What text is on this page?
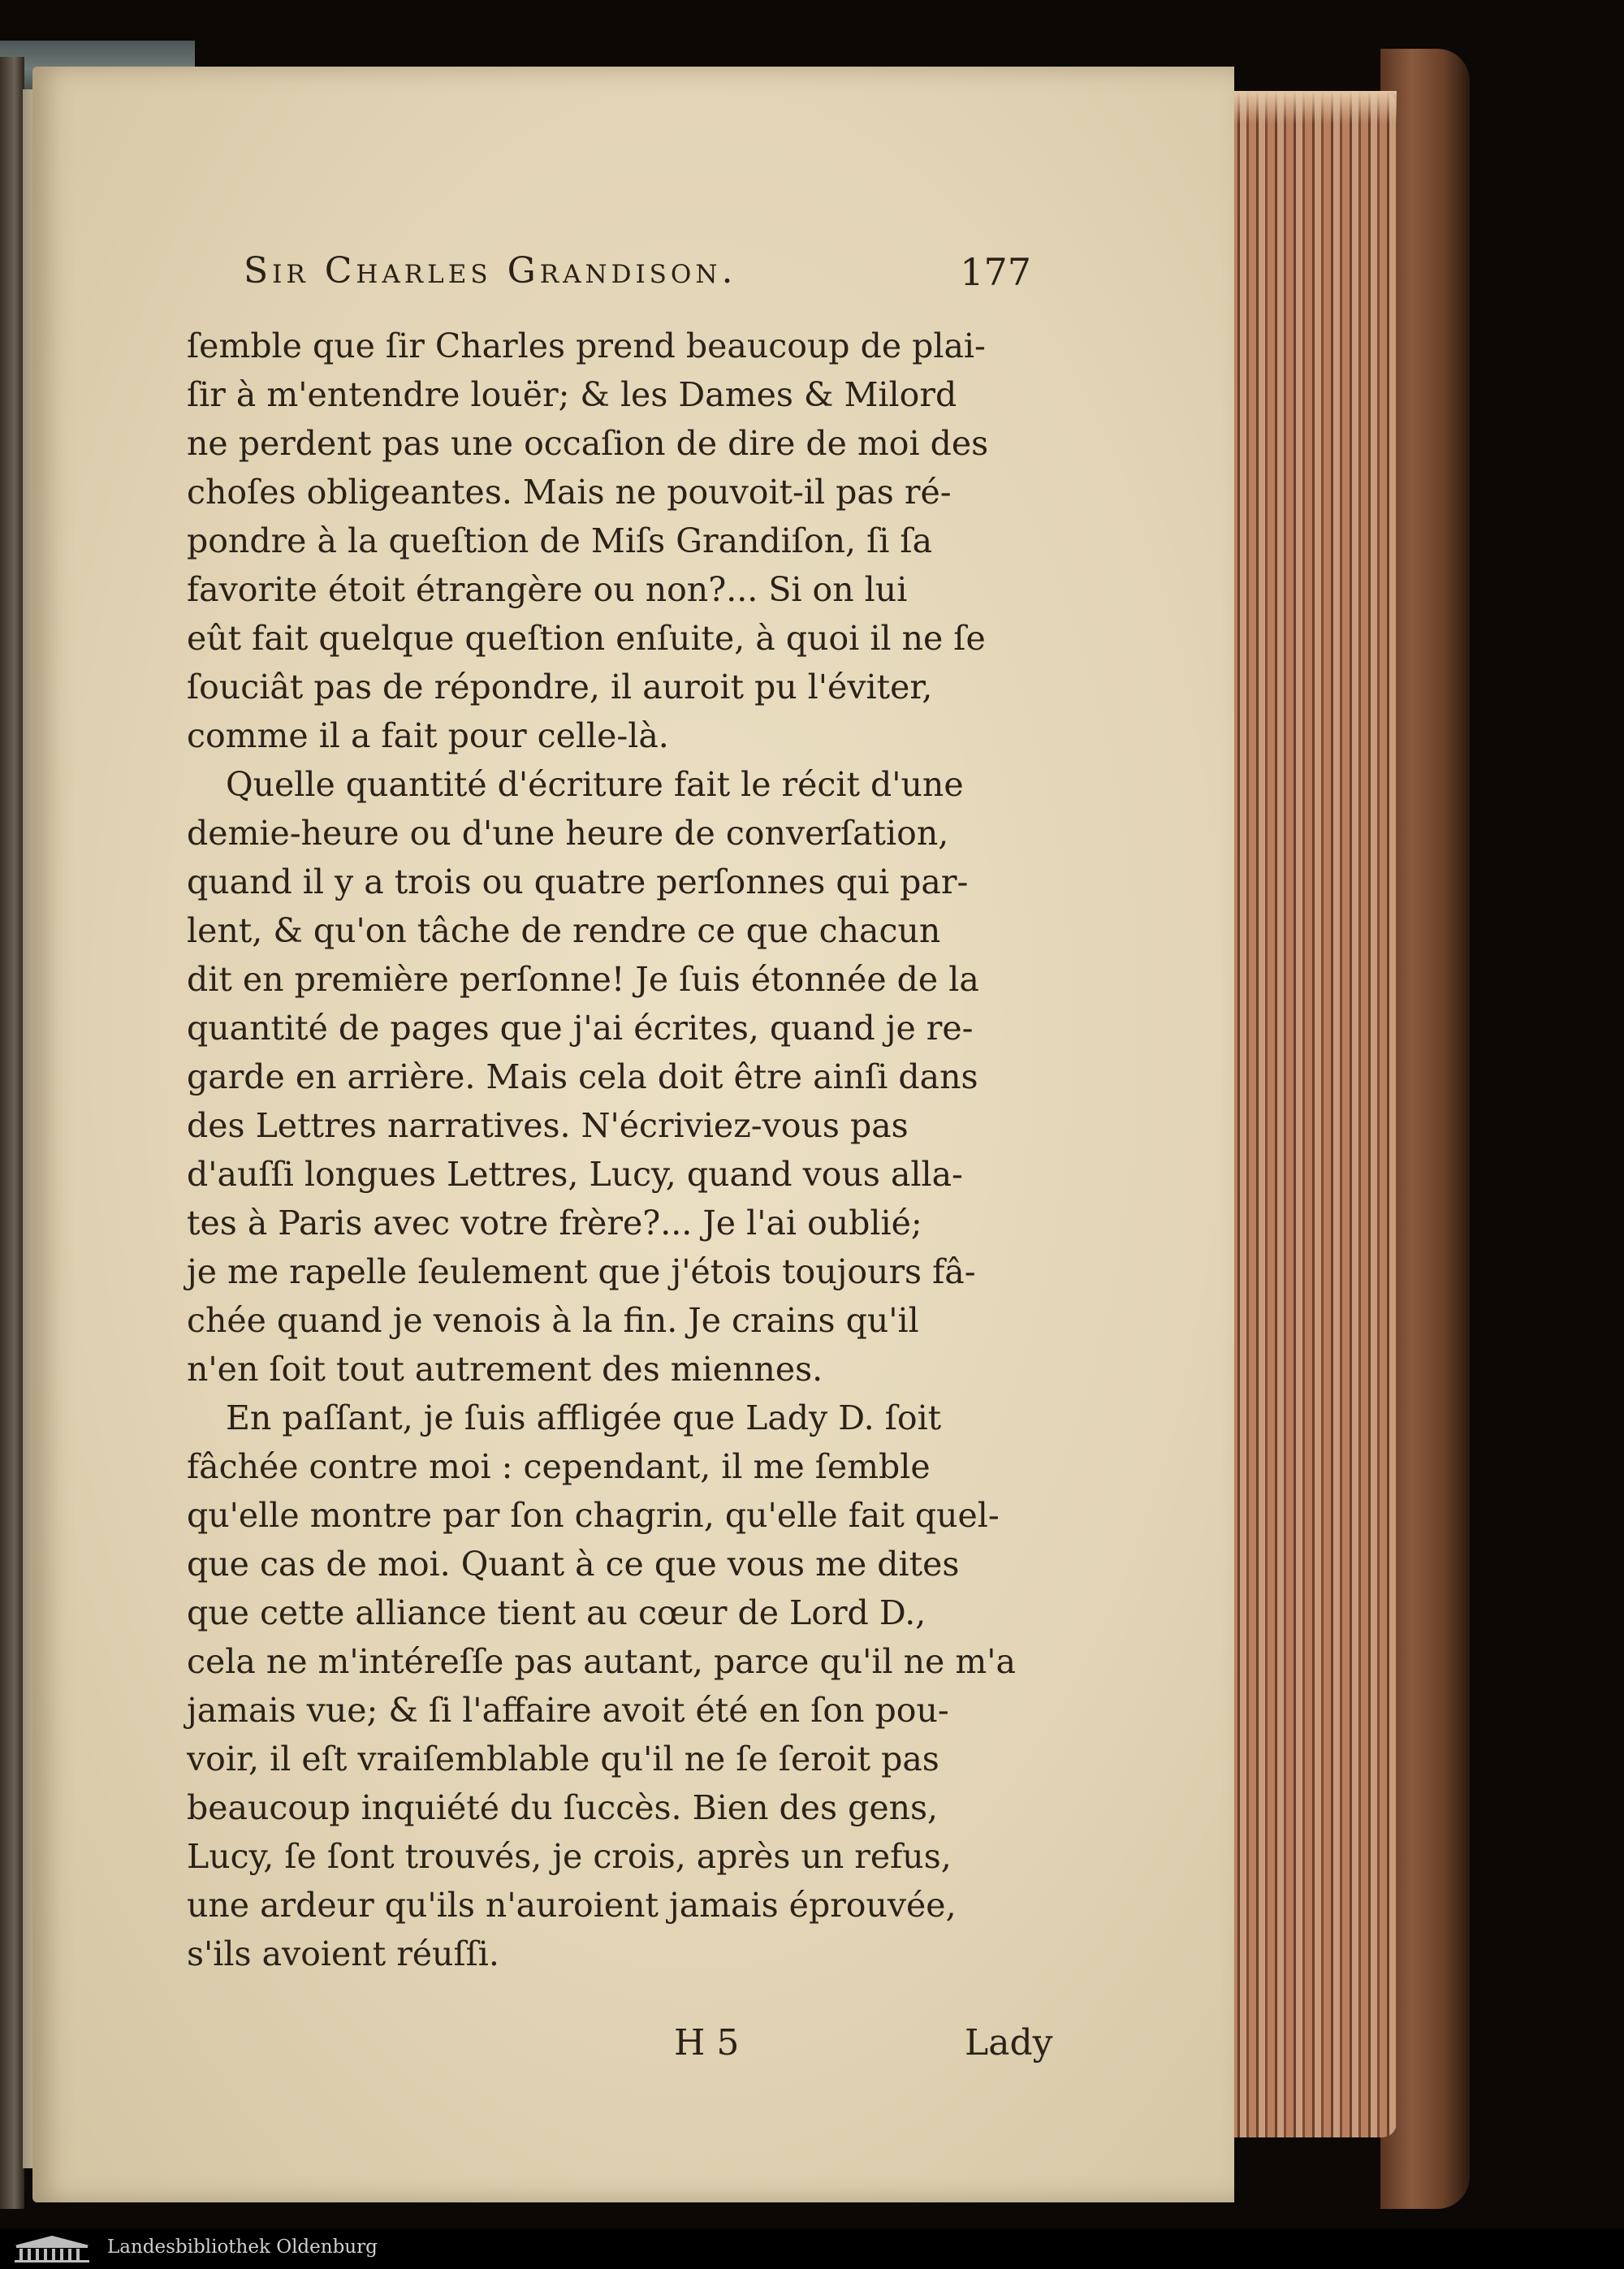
Sir Charles Grandison.	177
ſemble que ſir Charles prend beaucoup de plai-
ſir à m'entendre louër; & les Dames & Milord
ne perdent pas une occaſion de dire de moi des
choſes obligeantes. Mais ne pouvoit-il pas ré-
pondre à la queſtion de Miſs Grandiſon, ſi ſa
favorite étoit étrangère ou non?... Si on lui
eût fait quelque queſtion enſuite, à quoi il ne ſe
ſouciât pas de répondre, il auroit pu l'éviter,
comme il a fait pour celle-là.
Quelle quantité d'écriture fait le récit d'une
demie-heure ou d'une heure de converſation,
quand il y a trois ou quatre perſonnes qui par-
lent, & qu'on tâche de rendre ce que chacun
dit en première perſonne! Je ſuis étonnée de la
quantité de pages que j'ai écrites, quand je re-
garde en arrière. Mais cela doit être ainſi dans
des Lettres narratives. N'écriviez-vous pas
d'auſſi longues Lettres, Lucy, quand vous alla-
tes à Paris avec votre frère?... Je l'ai oublié;
je me rapelle ſeulement que j'étois toujours fâ-
chée quand je venois à la fin. Je crains qu'il
n'en ſoit tout autrement des miennes.
En paſſant, je ſuis affligée que Lady D. ſoit
fâchée contre moi : cependant, il me ſemble
qu'elle montre par ſon chagrin, qu'elle fait quel-
que cas de moi. Quant à ce que vous me dites
que cette alliance tient au cœur de Lord D.,
cela ne m'intéreſſe pas autant, parce qu'il ne m'a
jamais vue; & ſi l'affaire avoit été en ſon pou-
voir, il eſt vraiſemblable qu'il ne ſe ſeroit pas
beaucoup inquiété du ſuccès. Bien des gens,
Lucy, ſe ſont trouvés, je crois, après un refus,
une ardeur qu'ils n'auroient jamais éprouvée,
s'ils avoient réuſſi.
H 5	Lady
Landesbibliothek Oldenburg
